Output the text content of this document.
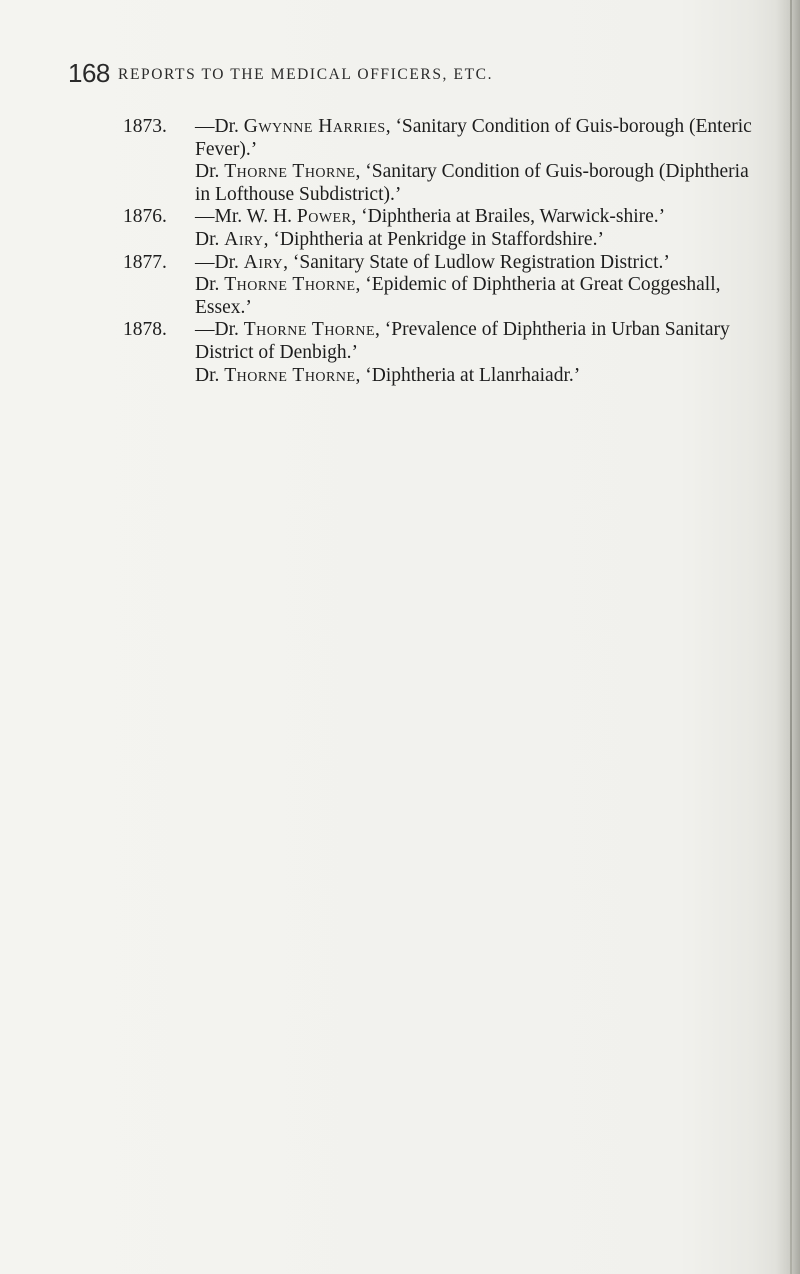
168 REPORTS TO THE MEDICAL OFFICERS, ETC.

1873. —Dr. Gwynne Harries, ‘Sanitary Condition of Guis-borough (Enteric Fever).’

Dr. Thorne Thorne, ‘Sanitary Condition of Guis-borough (Diphtheria in Lofthouse Subdistrict).’

1876. —Mr. W. H. Power, ‘Diphtheria at Brailes, Warwick-shire.’

Dr. Airy, ‘Diphtheria at Penkridge in Staffordshire.’

1877. —Dr. Airy, ‘Sanitary State of Ludlow Registration District.’

Dr. Thorne Thorne, ‘Epidemic of Diphtheria at Great Coggeshall, Essex.’

1878. —Dr. Thorne Thorne, ‘Prevalence of Diphtheria in Urban Sanitary District of Denbigh.’

Dr. Thorne Thorne, ‘Diphtheria at Llanrhaiadr.’
